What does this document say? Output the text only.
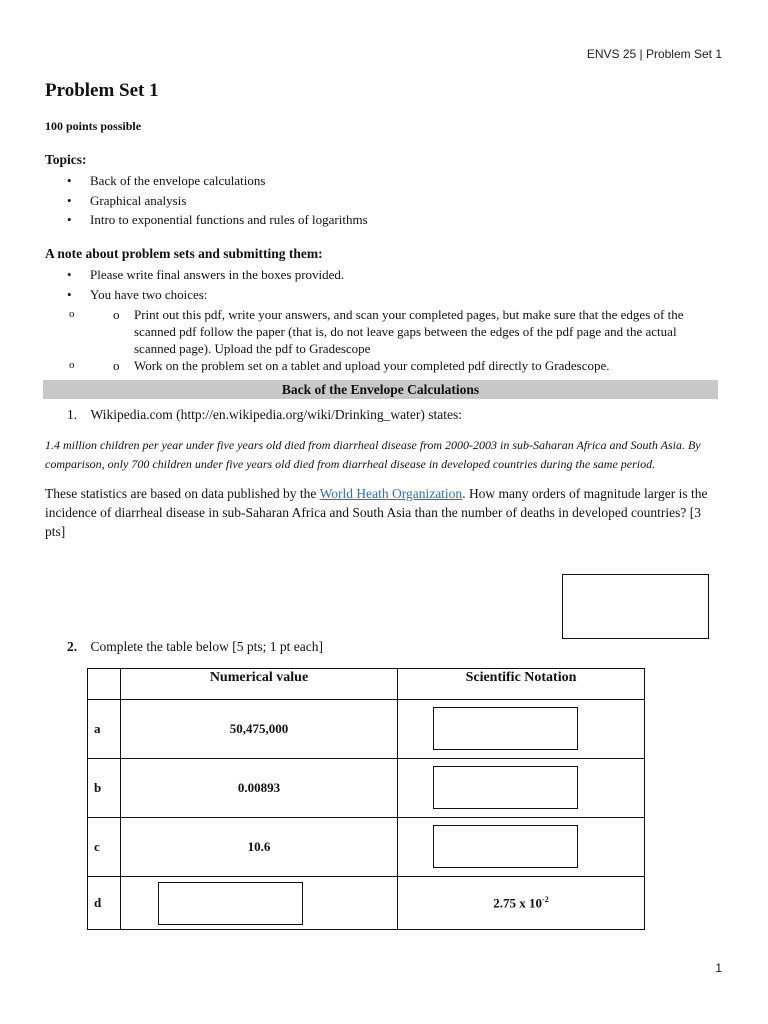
ENVS 25 | Problem Set 1
Problem Set 1
100 points possible
Topics:
• Back of the envelope calculations
• Graphical analysis
• Intro to exponential functions and rules of logarithms
A note about problem sets and submitting them:
• Please write final answers in the boxes provided.
• You have two choices:
o o Print out this pdf, write your answers, and scan your completed pages, but make sure that the edges of the scanned pdf follow the paper (that is, do not leave gaps between the edges of the pdf page and the actual scanned page). Upload the pdf to Gradescope
o o Work on the problem set on a tablet and upload your completed pdf directly to Gradescope.
Back of the Envelope Calculations
1. Wikipedia.com (http://en.wikipedia.org/wiki/Drinking_water) states:
1.4 million children per year under five years old died from diarrheal disease from 2000-2003 in sub-Saharan Africa and South Asia. By comparison, only 700 children under five years old died from diarrheal disease in developed countries during the same period.
These statistics are based on data published by the World Heath Organization. How many orders of magnitude larger is the incidence of diarrheal disease in sub-Saharan Africa and South Asia than the number of deaths in developed countries? [3 pts]
2. Complete the table below [5 pts; 1 pt each]
	Numerical value	Scientific Notation
a	50,475,000	

b	0.00893	

c	10.6	

d		2.75 x $10^{-2}$
1
